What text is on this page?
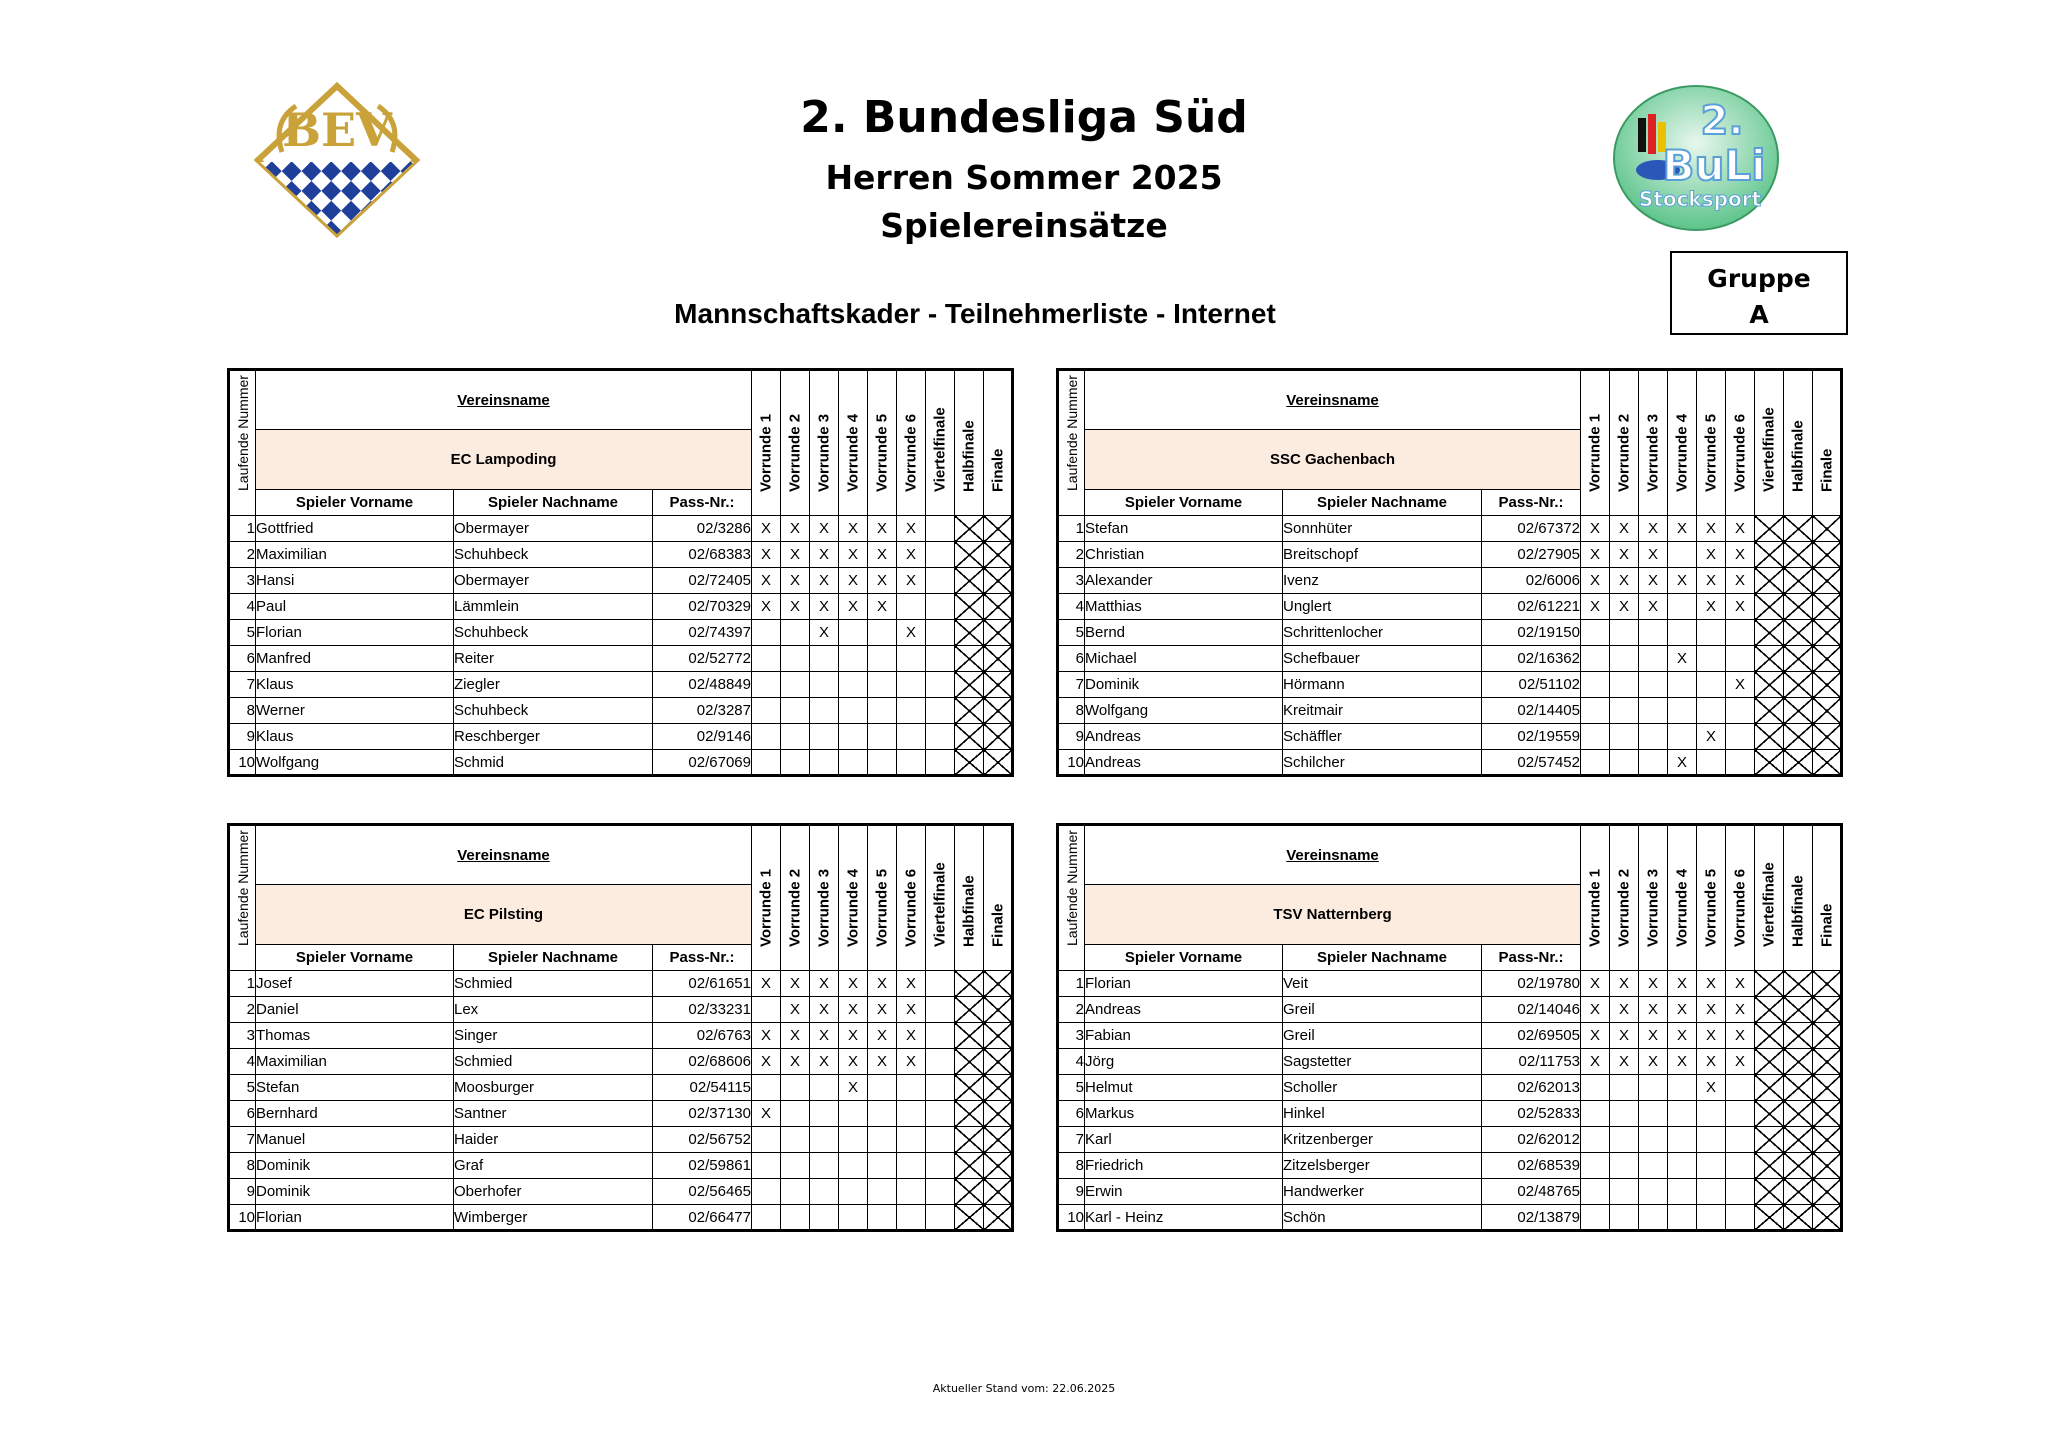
BEV	2.
BuLi
Stocksport
2. Bundesliga Süd
Herren Sommer 2025
Spielereinsätze
Mannschaftskader - Teilnehmerliste - Internet
Gruppe
A
Laufende Nummer	Vereinsname			Vorrunde 1	Vorrunde 2	Vorrunde 3	Vorrunde 4	Vorrunde 5	Vorrunde 6	Viertelfinale	Halbfinale	Finale

	EC Lampoding											
	Spieler Vorname	Spieler Nachname	Pass-Nr.:									
1	Gottfried	Obermayer	02/3286	X	X	X	X	X	X			
2	Maximilian	Schuhbeck	02/68383	X	X	X	X	X	X			
3	Hansi	Obermayer	02/72405	X	X	X	X	X	X			
4	Paul	Lämmlein	02/70329	X	X	X	X	X				
5	Florian	Schuhbeck	02/74397			X			X			
6	Manfred	Reiter	02/52772									
7	Klaus	Ziegler	02/48849									
8	Werner	Schuhbeck	02/3287									
9	Klaus	Reschberger	02/9146									
10	Wolfgang	Schmid	02/67069									
Laufende Nummer	Vereinsname			Vorrunde 1	Vorrunde 2	Vorrunde 3	Vorrunde 4	Vorrunde 5	Vorrunde 6	Viertelfinale	Halbfinale	Finale

	SSC Gachenbach											
	Spieler Vorname	Spieler Nachname	Pass-Nr.:									
1	Stefan	Sonnhüter	02/67372	X	X	X	X	X	X			
2	Christian	Breitschopf	02/27905	X	X	X		X	X			
3	Alexander	Ivenz	02/6006	X	X	X	X	X	X			
4	Matthias	Unglert	02/61221	X	X	X		X	X			
5	Bernd	Schrittenlocher	02/19150									
6	Michael	Schefbauer	02/16362				X					
7	Dominik	Hörmann	02/51102						X			
8	Wolfgang	Kreitmair	02/14405									
9	Andreas	Schäffler	02/19559					X				
10	Andreas	Schilcher	02/57452				X					
Laufende Nummer	Vereinsname			Vorrunde 1	Vorrunde 2	Vorrunde 3	Vorrunde 4	Vorrunde 5	Vorrunde 6	Viertelfinale	Halbfinale	Finale

	EC Pilsting											
	Spieler Vorname	Spieler Nachname	Pass-Nr.:									
1	Josef	Schmied	02/61651	X	X	X	X	X	X			
2	Daniel	Lex	02/33231		X	X	X	X	X			
3	Thomas	Singer	02/6763	X	X	X	X	X	X			
4	Maximilian	Schmied	02/68606	X	X	X	X	X	X			
5	Stefan	Moosburger	02/54115				X					
6	Bernhard	Santner	02/37130	X								
7	Manuel	Haider	02/56752									
8	Dominik	Graf	02/59861									
9	Dominik	Oberhofer	02/56465									
10	Florian	Wimberger	02/66477									
Laufende Nummer	Vereinsname			Vorrunde 1	Vorrunde 2	Vorrunde 3	Vorrunde 4	Vorrunde 5	Vorrunde 6	Viertelfinale	Halbfinale	Finale

	TSV Natternberg											
	Spieler Vorname	Spieler Nachname	Pass-Nr.:									
1	Florian	Veit	02/19780	X	X	X	X	X	X			
2	Andreas	Greil	02/14046	X	X	X	X	X	X			
3	Fabian	Greil	02/69505	X	X	X	X	X	X			
4	Jörg	Sagstetter	02/11753	X	X	X	X	X	X			
5	Helmut	Scholler	02/62013					X				
6	Markus	Hinkel	02/52833									
7	Karl	Kritzenberger	02/62012									
8	Friedrich	Zitzelsberger	02/68539									
9	Erwin	Handwerker	02/48765									
10	Karl - Heinz	Schön	02/13879									
Aktueller Stand vom: 22.06.2025
